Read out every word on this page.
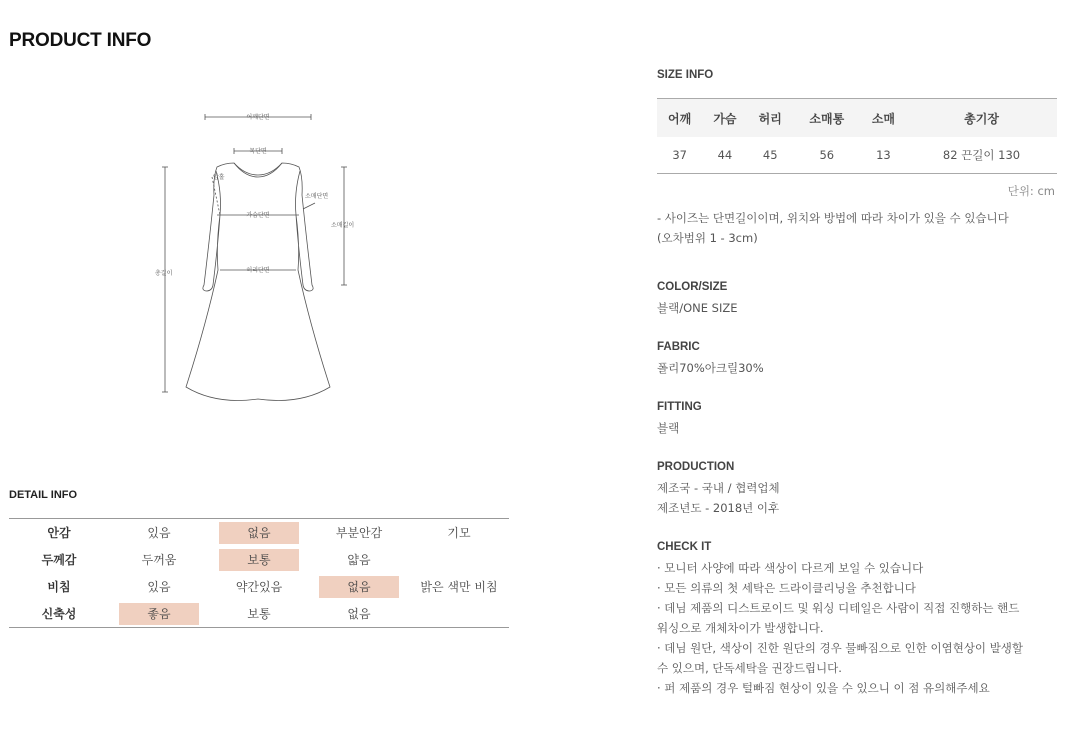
PRODUCT INFO
어깨단면
목단면
암홀
소매단면
가슴단면
소매길이
총길이	허리단면
DETAIL INFO
안감	있음	없음	부분안감	기모
두께감	두꺼움	보통	얇음	
비침	있음	약간있음	없음	밝은 색만 비침
신축성	좋음	보통	없음	
SIZE INFO
어깨	가슴	허리	소매통	소매	총기장
37	44	45	56	13	82 끈길이 130
단위: cm
- 사이즈는 단면길이이며, 위치와 방법에 따라 차이가 있을 수 있습니다
(오차범위 1 - 3cm)
COLOR/SIZE
블랙/ONE SIZE
FABRIC
폴리70%아크릴30%
FITTING
블랙
PRODUCTION
제조국 - 국내 / 협력업체
제조년도 - 2018년 이후
CHECK IT
· 모니터 사양에 따라 색상이 다르게 보일 수 있습니다
· 모든 의류의 첫 세탁은 드라이클리닝을 추천합니다
· 데님 제품의 디스트로이드 및 워싱 디테일은 사람이 직접 진행하는 핸드
워싱으로 개체차이가 발생합니다.
· 데님 원단, 색상이 진한 원단의 경우 물빠짐으로 인한 이염현상이 발생할
수 있으며, 단독세탁을 권장드립니다.
· 퍼 제품의 경우 털빠짐 현상이 있을 수 있으니 이 점 유의해주세요
